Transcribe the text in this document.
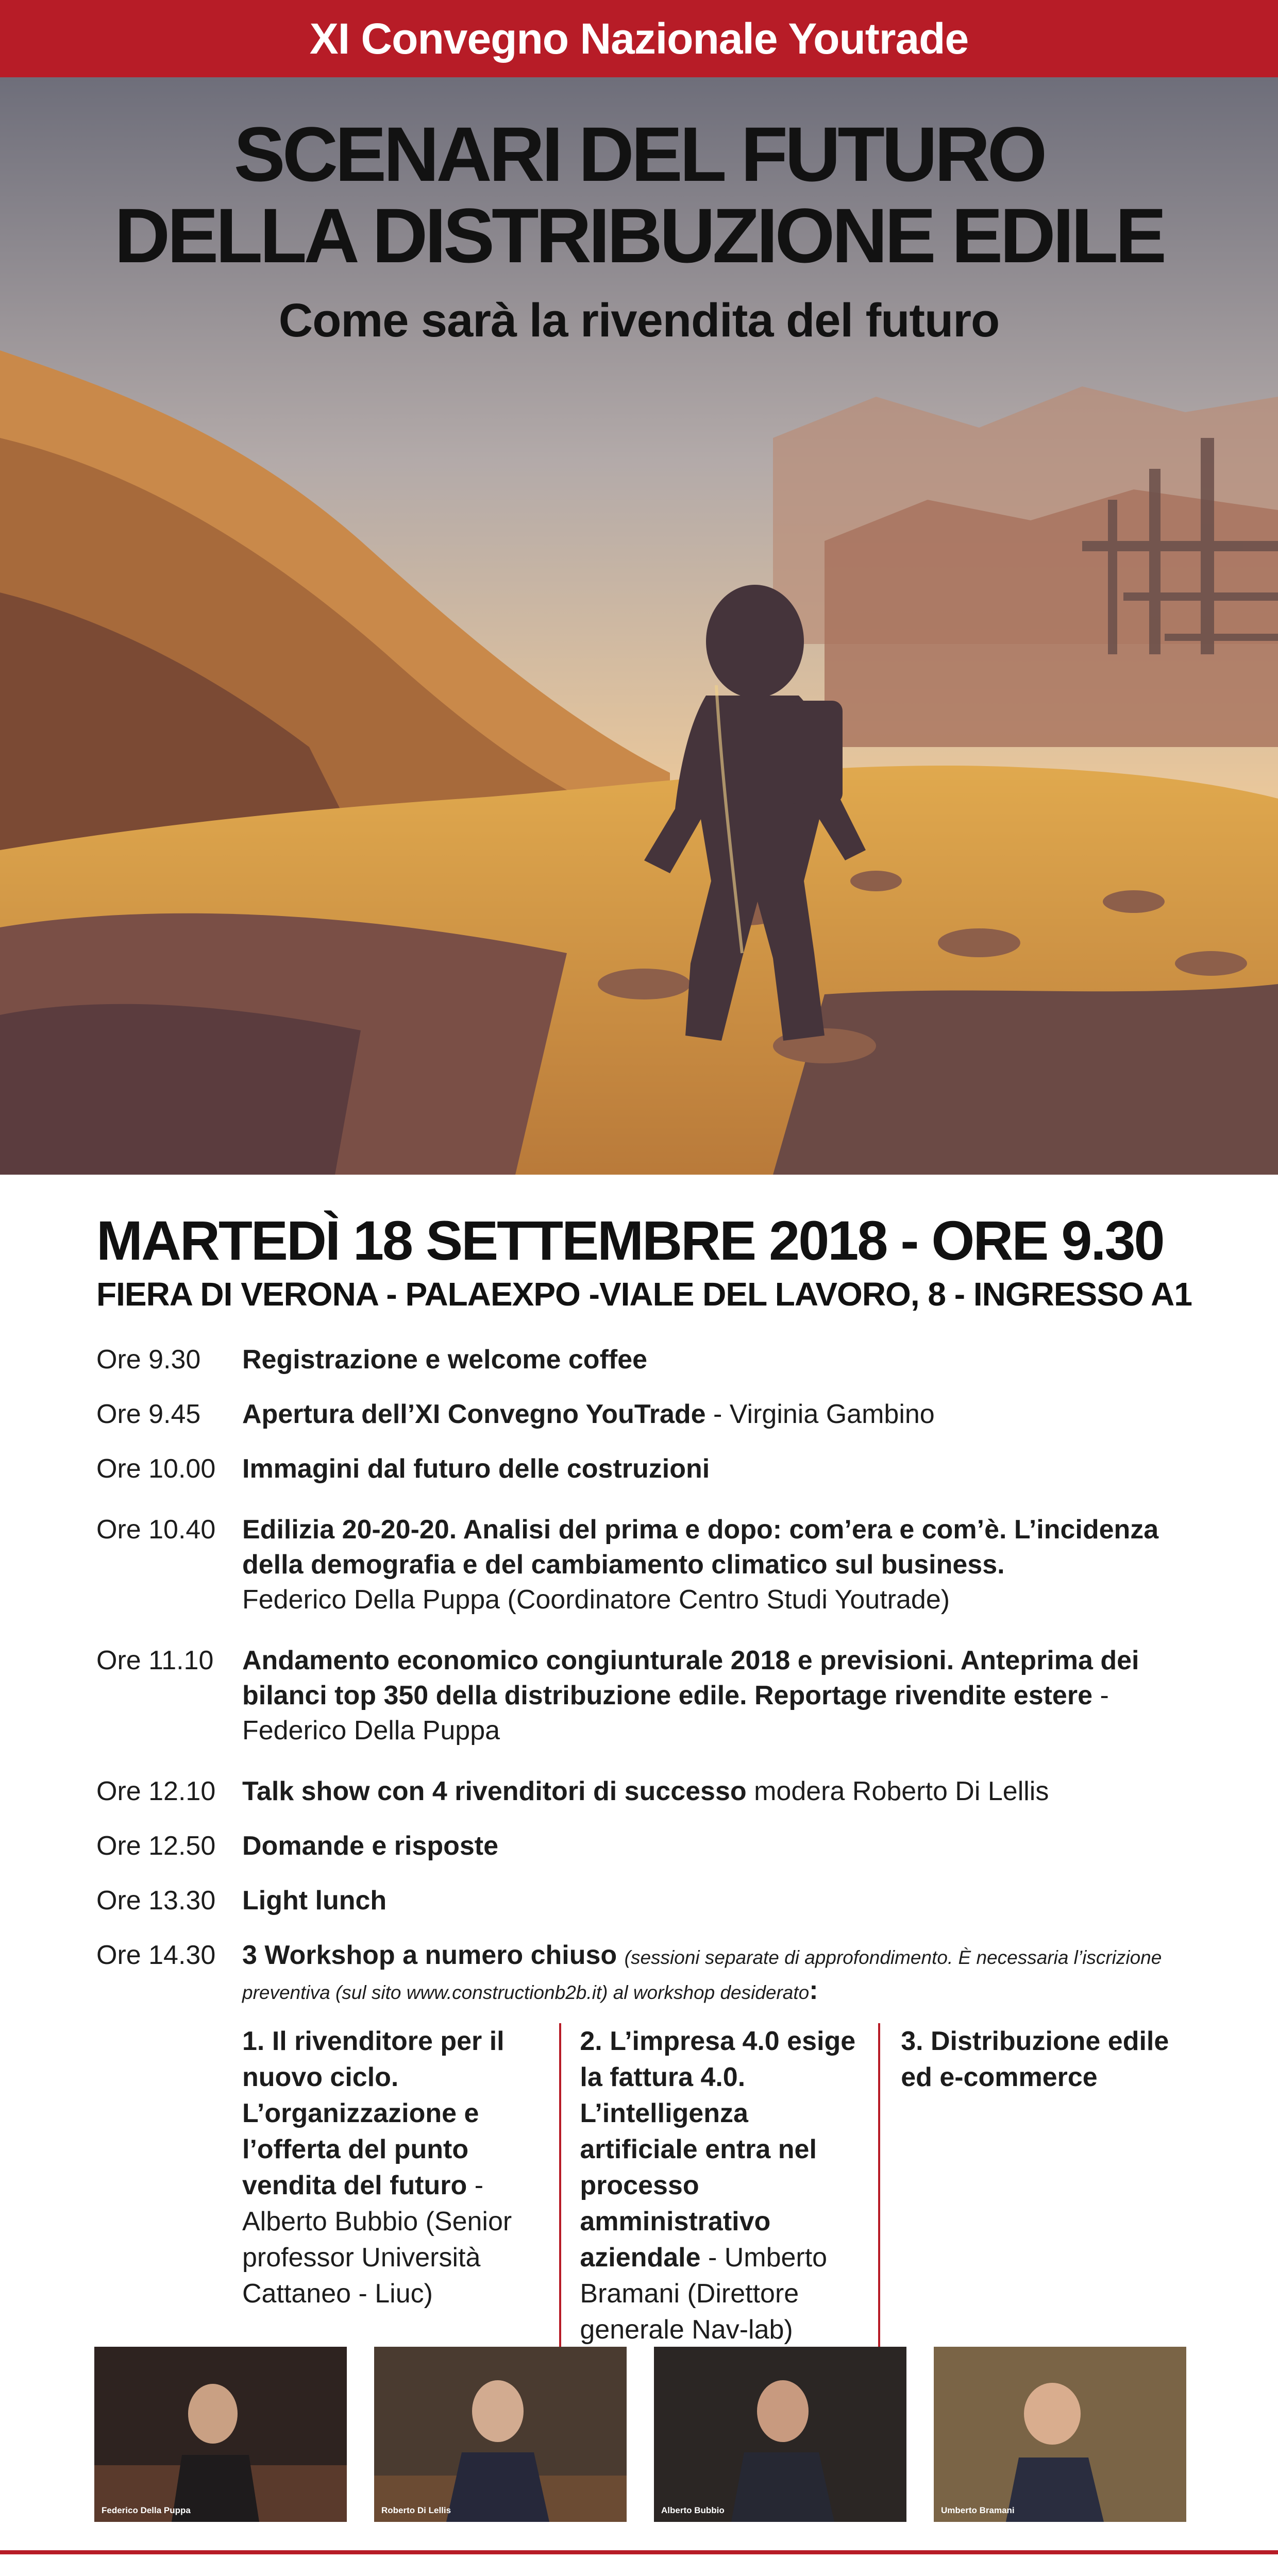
XI Convegno Nazionale Youtrade
SCENARI DEL FUTURO
DELLA DISTRIBUZIONE EDILE
Come sarà la rivendita del futuro
MARTEDÌ 18 SETTEMBRE 2018 - ORE 9.30
FIERA DI VERONA - PALAEXPO -VIALE DEL LAVORO, 8 - INGRESSO A1
Ore 9.30	Registrazione e welcome coffee
Ore 9.45	Apertura dell’XI Convegno YouTrade - Virginia Gambino
Ore 10.00 Immagini dal futuro delle costruzioni
Ore 10.40 Edilizia 20-20-20. Analisi del prima e dopo: com’era e com’è. L’incidenza della demografia e del cambiamento climatico sul business.
Federico Della Puppa (Coordinatore Centro Studi Youtrade)
Ore 11.10	Andamento economico congiunturale 2018 e previsioni. Anteprima dei bilanci top 350 della distribuzione edile. Reportage rivendite estere - Federico Della Puppa
Ore 12.10 Talk show con 4 rivenditori di successo modera Roberto Di Lellis
Ore 12.50 Domande e risposte
Ore 13.30 Light lunch
Ore 14.30 3 Workshop a numero chiuso (sessioni separate di approfondimento. È necessaria l’iscrizione preventiva (sul sito www.constructionb2b.it) al workshop desiderato:
1. Il rivenditore per il nuovo ciclo. L’organizzazione e l’offerta del punto vendita del futuro - Alberto Bubbio (Senior professor Università Cattaneo - Liuc)
2. L’impresa 4.0 esige la fattura 4.0. L’intelligenza artificiale entra nel processo amministrativo aziendale - Umberto Bramani (Direttore generale Nav-lab)
3. Distribuzione edile ed e-commerce
Federico Della Puppa	Roberto Di Lellis	Alberto Bubbio	Umberto Bramani
